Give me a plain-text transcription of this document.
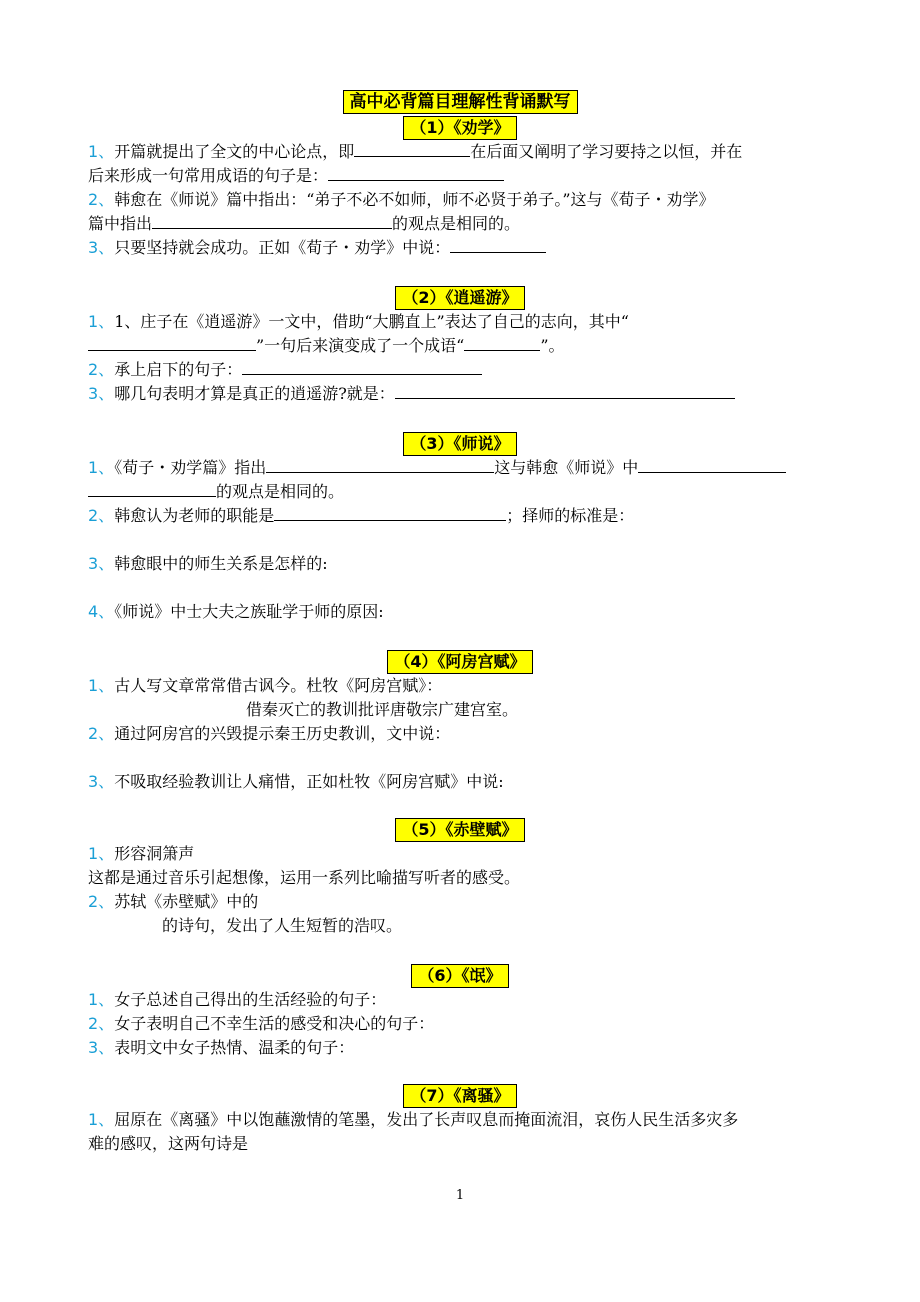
高中必背篇目理解性背诵默写
（1）《劝学》
1、开篇就提出了全文的中心论点，即	在后面又阐明了学习要持之以恒，并在
后来形成一句常用成语的句子是：
2、韩愈在《师说》篇中指出：“弟子不必不如师，师不必贤于弟子。”这与《荀子・劝学》
篇中指出	的观点是相同的。
3、只要坚持就会成功。正如《荀子・劝学》中说：
（2）《逍遥游》
1、1、庄子在《逍遥游》一文中，借助“大鹏直上”表达了自己的志向，其中“
”一句后来演变成了一个成语“	”。
2、承上启下的句子：
3、哪几句表明才算是真正的逍遥游?就是：
（3）《师说》
1、《荀子・劝学篇》指出	这与韩愈《师说》中
的观点是相同的。
2、韩愈认为老师的职能是	；择师的标准是：
3、韩愈眼中的师生关系是怎样的:
4、《师说》中士大夫之族耻学于师的原因:
（4）《阿房宫赋》
1、古人写文章常常借古讽今。杜牧《阿房宫赋》：
借秦灭亡的教训批评唐敬宗广建宫室。
2、通过阿房宫的兴毁提示秦王历史教训，文中说：
3、不吸取经验教训让人痛惜，正如杜牧《阿房宫赋》中说:
（5）《赤壁赋》
1、形容洞箫声
这都是通过音乐引起想像，运用一系列比喻描写听者的感受。
2、苏轼《赤壁赋》中的
的诗句，发出了人生短暂的浩叹。
（6）《氓》
1、女子总述自己得出的生活经验的句子：
2、女子表明自己不幸生活的感受和决心的句子：
3、表明文中女子热情、温柔的句子：
（7）《离骚》
1、屈原在《离骚》中以饱蘸激情的笔墨，发出了长声叹息而掩面流泪，哀伤人民生活多灾多
难的感叹，这两句诗是
1
